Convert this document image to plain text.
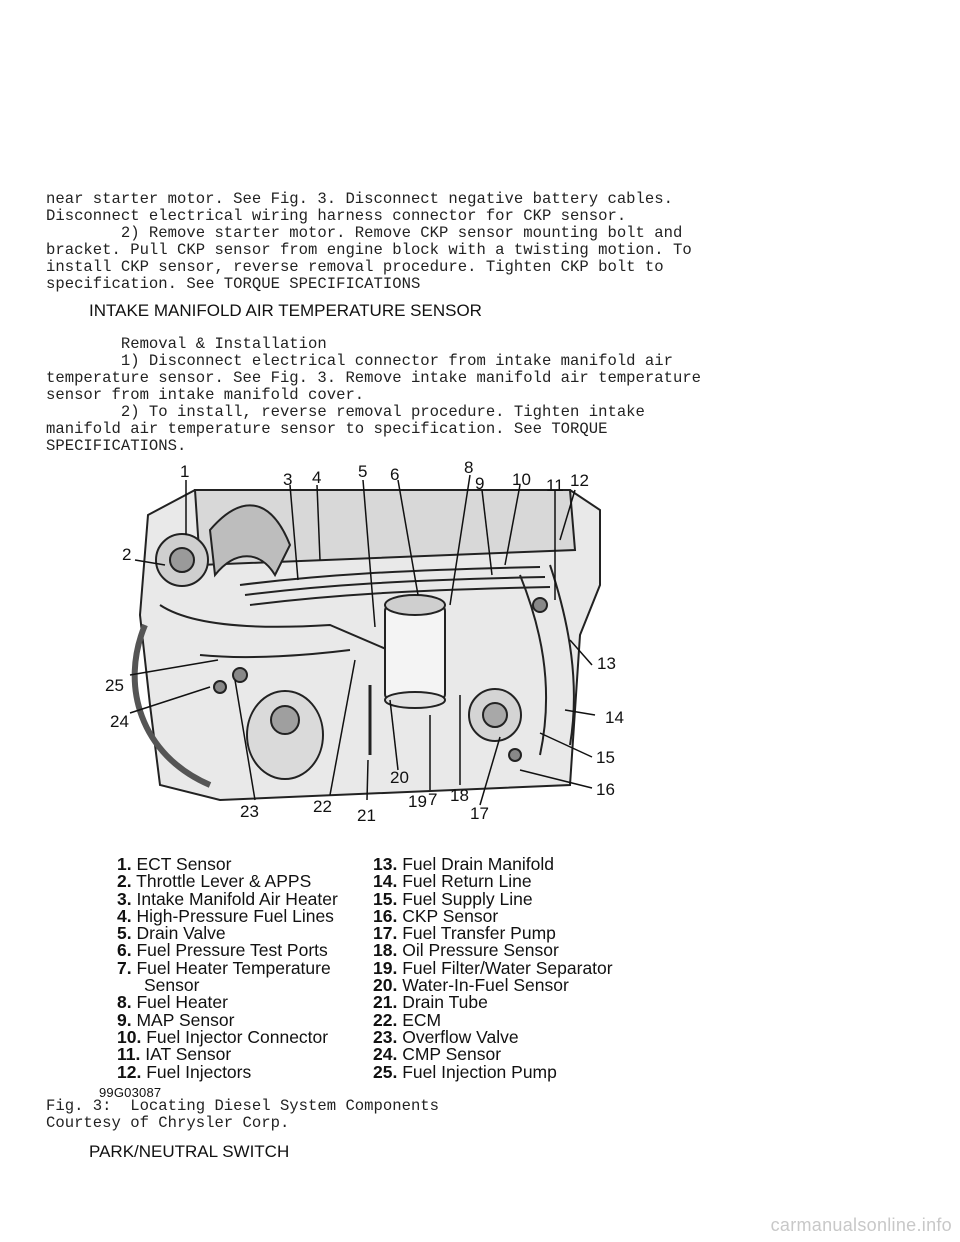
near starter motor. See Fig. 3. Disconnect negative battery cables.
Disconnect electrical wiring harness connector for CKP sensor.
2) Remove starter motor. Remove CKP sensor mounting bolt and
bracket. Pull CKP sensor from engine block with a twisting motion. To
install CKP sensor, reverse removal procedure. Tighten CKP bolt to
specification. See TORQUE SPECIFICATIONS
INTAKE MANIFOLD AIR TEMPERATURE SENSOR
Removal & Installation
1) Disconnect electrical connector from intake manifold air
temperature sensor. See Fig. 3. Remove intake manifold air temperature
sensor from intake manifold cover.
2) To install, reverse removal procedure. Tighten intake
manifold air temperature sensor to specification. See TORQUE
SPECIFICATIONS.
1
2
3 4 5 6	8
9 10 11 12
13
14
15
16
17
18
19 7
20
21
22
23
25
24
1. ECT Sensor
2. Throttle Lever & APPS
3. Intake Manifold Air Heater
4. High-Pressure Fuel Lines
5. Drain Valve
6. Fuel Pressure Test Ports
7. Fuel Heater Temperature
Sensor
8. Fuel Heater
9. MAP Sensor
10. Fuel Injector Connector
11. IAT Sensor
12. Fuel Injectors
13. Fuel Drain Manifold
14. Fuel Return Line
15. Fuel Supply Line
16. CKP Sensor
17. Fuel Transfer Pump
18. Oil Pressure Sensor
19. Fuel Filter/Water Separator
20. Water-In-Fuel Sensor
21. Drain Tube
22. ECM
23. Overflow Valve
24. CMP Sensor
25. Fuel Injection Pump
99G03087
Fig. 3:  Locating Diesel System Components
Courtesy of Chrysler Corp.
PARK/NEUTRAL SWITCH
carmanualsonline.info
